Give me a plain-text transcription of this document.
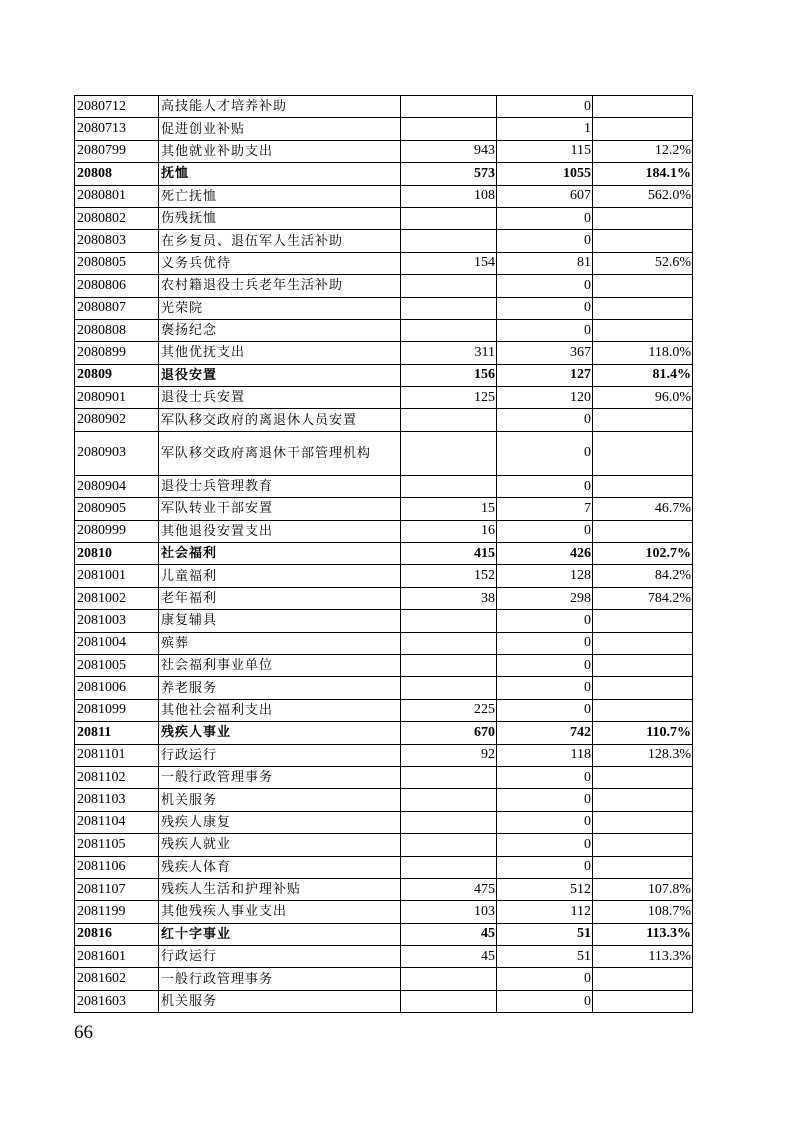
2080712	高技能人才培养补助		0	
2080713	促进创业补贴		1	
2080799	其他就业补助支出	943	115	12.2%
20808	抚恤	573	1055	184.1%
2080801	死亡抚恤	108	607	562.0%
2080802	伤残抚恤		0	
2080803	在乡复员、退伍军人生活补助		0	
2080805	义务兵优待	154	81	52.6%
2080806	农村籍退役士兵老年生活补助		0	
2080807	光荣院		0	
2080808	褒扬纪念		0	
2080899	其他优抚支出	311	367	118.0%
20809	退役安置	156	127	81.4%
2080901	退役士兵安置	125	120	96.0%
2080902	军队移交政府的离退休人员安置		0	
2080903	军队移交政府离退休干部管理机构		0	
2080904	退役士兵管理教育		0	
2080905	军队转业干部安置	15	7	46.7%
2080999	其他退役安置支出	16	0	
20810	社会福利	415	426	102.7%
2081001	儿童福利	152	128	84.2%
2081002	老年福利	38	298	784.2%
2081003	康复辅具		0	
2081004	殡葬		0	
2081005	社会福利事业单位		0	
2081006	养老服务		0	
2081099	其他社会福利支出	225	0	
20811	残疾人事业	670	742	110.7%
2081101	行政运行	92	118	128.3%
2081102	一般行政管理事务		0	
2081103	机关服务		0	
2081104	残疾人康复		0	
2081105	残疾人就业		0	
2081106	残疾人体育		0	
2081107	残疾人生活和护理补贴	475	512	107.8%
2081199	其他残疾人事业支出	103	112	108.7%
20816	红十字事业	45	51	113.3%
2081601	行政运行	45	51	113.3%
2081602	一般行政管理事务		0	
2081603	机关服务		0	
66
